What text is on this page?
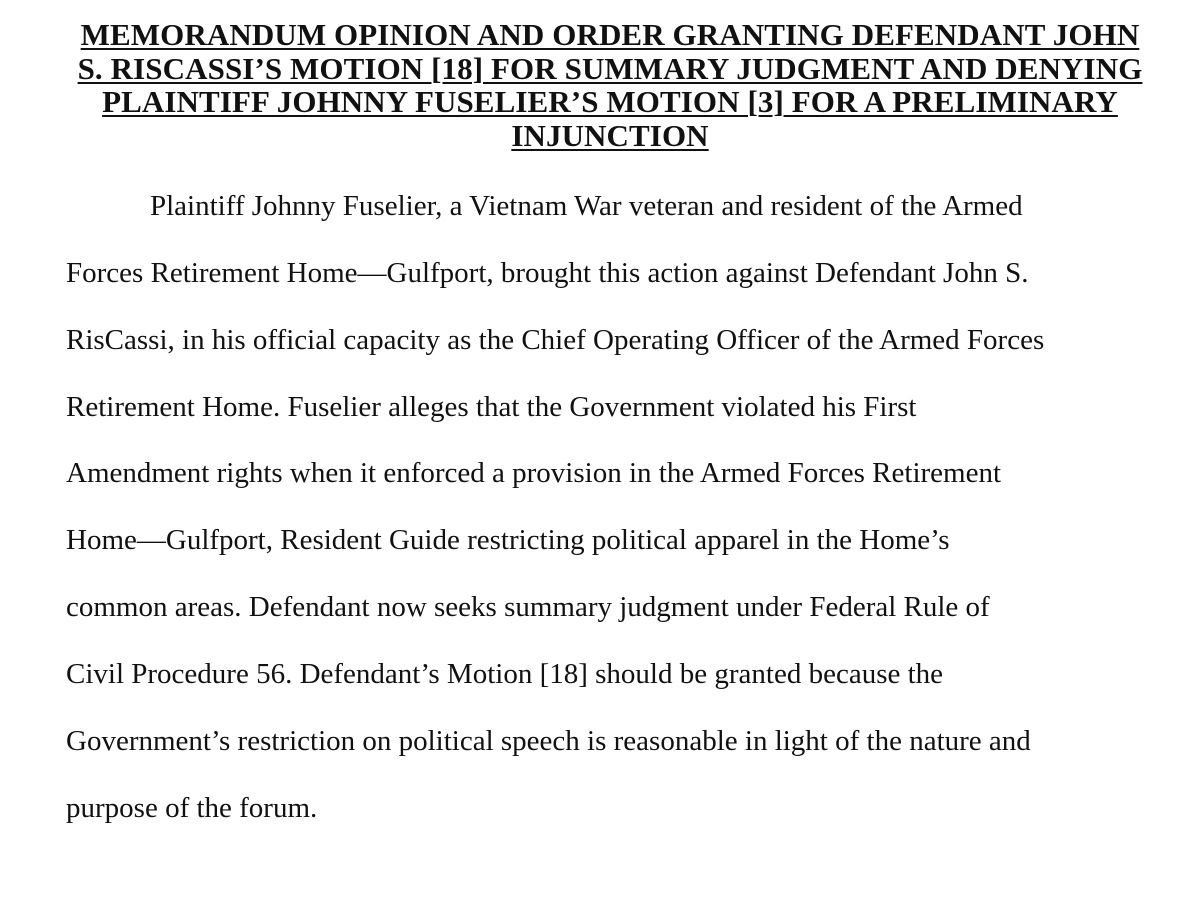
MEMORANDUM OPINION AND ORDER GRANTING DEFENDANT JOHN
S. RISCASSI’S MOTION [18] FOR SUMMARY JUDGMENT AND DENYING
PLAINTIFF JOHNNY FUSELIER’S MOTION [3] FOR A PRELIMINARY
INJUNCTION
Plaintiff Johnny Fuselier, a Vietnam War veteran and resident of the Armed
Forces Retirement Home—Gulfport, brought this action against Defendant John S.
RisCassi, in his official capacity as the Chief Operating Officer of the Armed Forces
Retirement Home. Fuselier alleges that the Government violated his First
Amendment rights when it enforced a provision in the Armed Forces Retirement
Home—Gulfport, Resident Guide restricting political apparel in the Home’s
common areas. Defendant now seeks summary judgment under Federal Rule of
Civil Procedure 56. Defendant’s Motion [18] should be granted because the
Government’s restriction on political speech is reasonable in light of the nature and
purpose of the forum.
